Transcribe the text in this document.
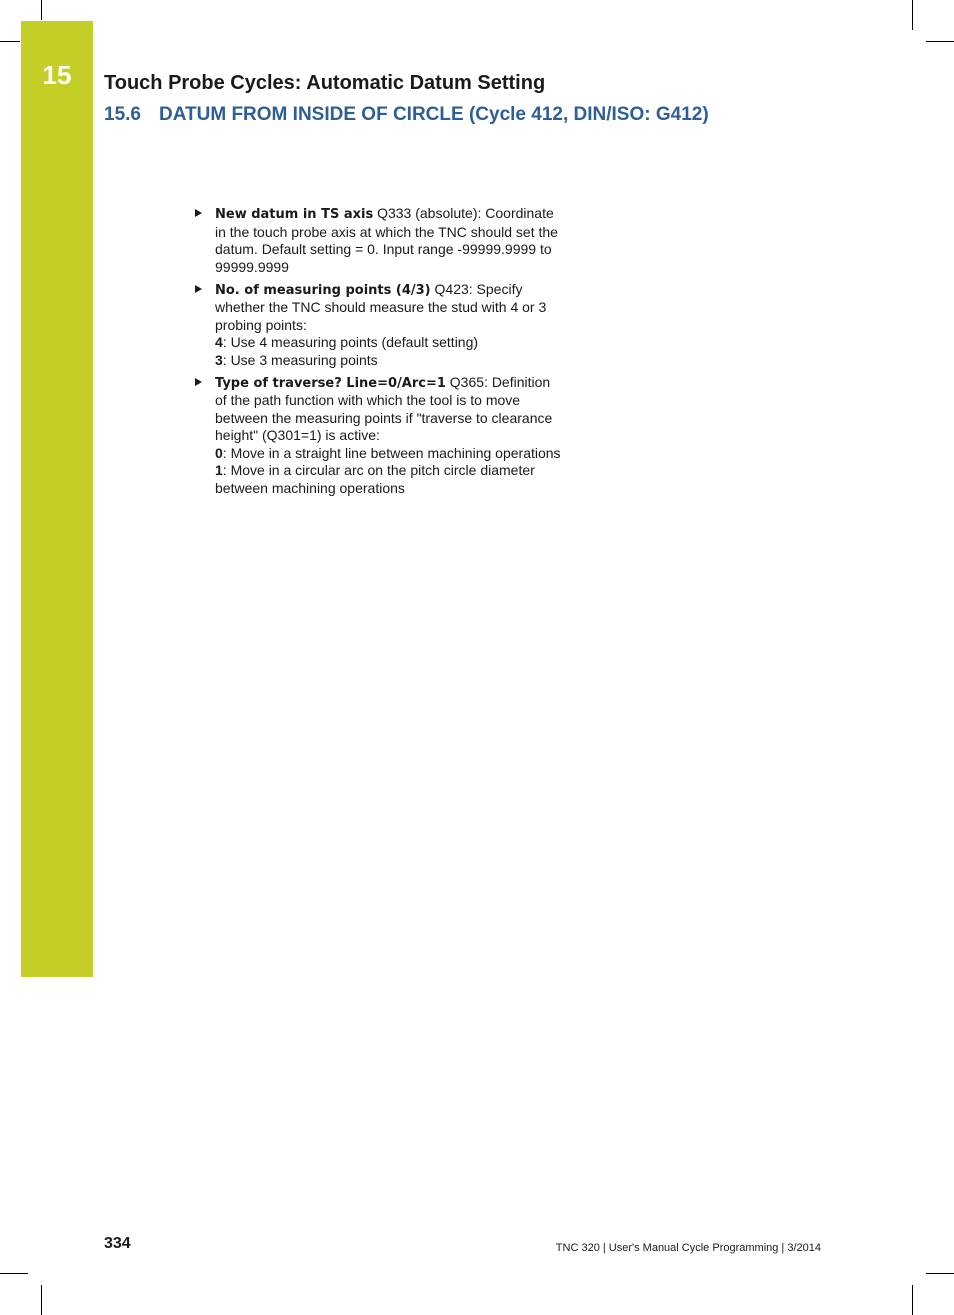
15	Touch Probe Cycles: Automatic Datum Setting
15.6 DATUM FROM INSIDE OF CIRCLE (Cycle 412, DIN/ISO: G412)
New datum in TS axis Q333 (absolute): Coordinate in the touch probe axis at which the TNC should set the datum. Default setting = 0. Input range -99999.9999 to 99999.9999
No. of measuring points (4/3) Q423: Specify whether the TNC should measure the stud with 4 or 3 probing points:
4: Use 4 measuring points (default setting)
3: Use 3 measuring points
Type of traverse? Line=0/Arc=1 Q365: Definition of the path function with which the tool is to move between the measuring points if "traverse to clearance height" (Q301=1) is active:
0: Move in a straight line between machining operations
1: Move in a circular arc on the pitch circle diameter between machining operations
334	TNC 320 | User's Manual Cycle Programming | 3/2014
